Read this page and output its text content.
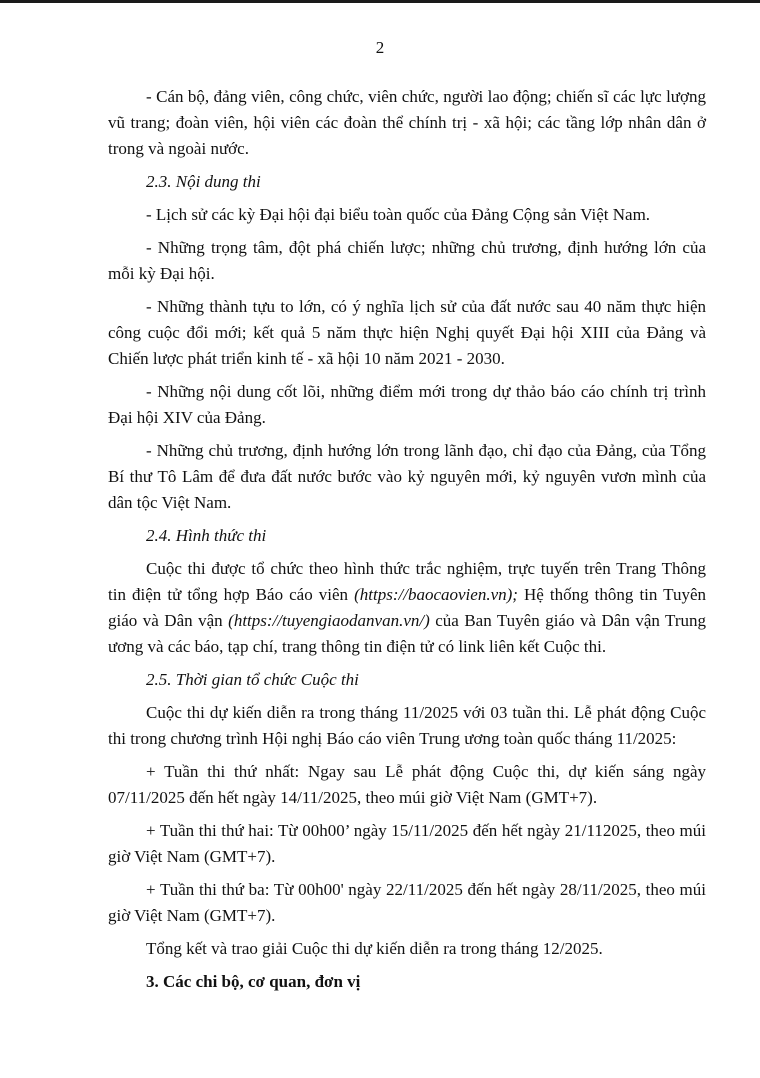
2

- Cán bộ, đảng viên, công chức, viên chức, người lao động; chiến sĩ các lực lượng vũ trang; đoàn viên, hội viên các đoàn thể chính trị - xã hội; các tầng lớp nhân dân ở trong và ngoài nước.

2.3. Nội dung thi

- Lịch sử các kỳ Đại hội đại biểu toàn quốc của Đảng Cộng sản Việt Nam.

- Những trọng tâm, đột phá chiến lược; những chủ trương, định hướng lớn của mỗi kỳ Đại hội.

- Những thành tựu to lớn, có ý nghĩa lịch sử của đất nước sau 40 năm thực hiện công cuộc đổi mới; kết quả 5 năm thực hiện Nghị quyết Đại hội XIII của Đảng và Chiến lược phát triển kinh tế - xã hội 10 năm 2021 - 2030.

- Những nội dung cốt lõi, những điểm mới trong dự thảo báo cáo chính trị trình Đại hội XIV của Đảng.

- Những chủ trương, định hướng lớn trong lãnh đạo, chỉ đạo của Đảng, của Tổng Bí thư Tô Lâm để đưa đất nước bước vào kỷ nguyên mới, kỷ nguyên vươn mình của dân tộc Việt Nam.

2.4. Hình thức thi

Cuộc thi được tổ chức theo hình thức trắc nghiệm, trực tuyến trên Trang Thông tin điện tử tổng hợp Báo cáo viên (https://baocaovien.vn); Hệ thống thông tin Tuyên giáo và Dân vận (https://tuyengiaodanvan.vn/) của Ban Tuyên giáo và Dân vận Trung ương và các báo, tạp chí, trang thông tin điện tử có link liên kết Cuộc thi.

2.5. Thời gian tổ chức Cuộc thi

Cuộc thi dự kiến diễn ra trong tháng 11/2025 với 03 tuần thi. Lễ phát động Cuộc thi trong chương trình Hội nghị Báo cáo viên Trung ương toàn quốc tháng 11/2025:

+ Tuần thi thứ nhất: Ngay sau Lễ phát động Cuộc thi, dự kiến sáng ngày 07/11/2025 đến hết ngày 14/11/2025, theo múi giờ Việt Nam (GMT+7).

+ Tuần thi thứ hai: Từ 00h00’ ngày 15/11/2025 đến hết ngày 21/112025, theo múi giờ Việt Nam (GMT+7).

+ Tuần thi thứ ba: Từ 00h00' ngày 22/11/2025 đến hết ngày 28/11/2025, theo múi giờ Việt Nam (GMT+7).

Tổng kết và trao giải Cuộc thi dự kiến diễn ra trong tháng 12/2025.

3. Các chi bộ, cơ quan, đơn vị
